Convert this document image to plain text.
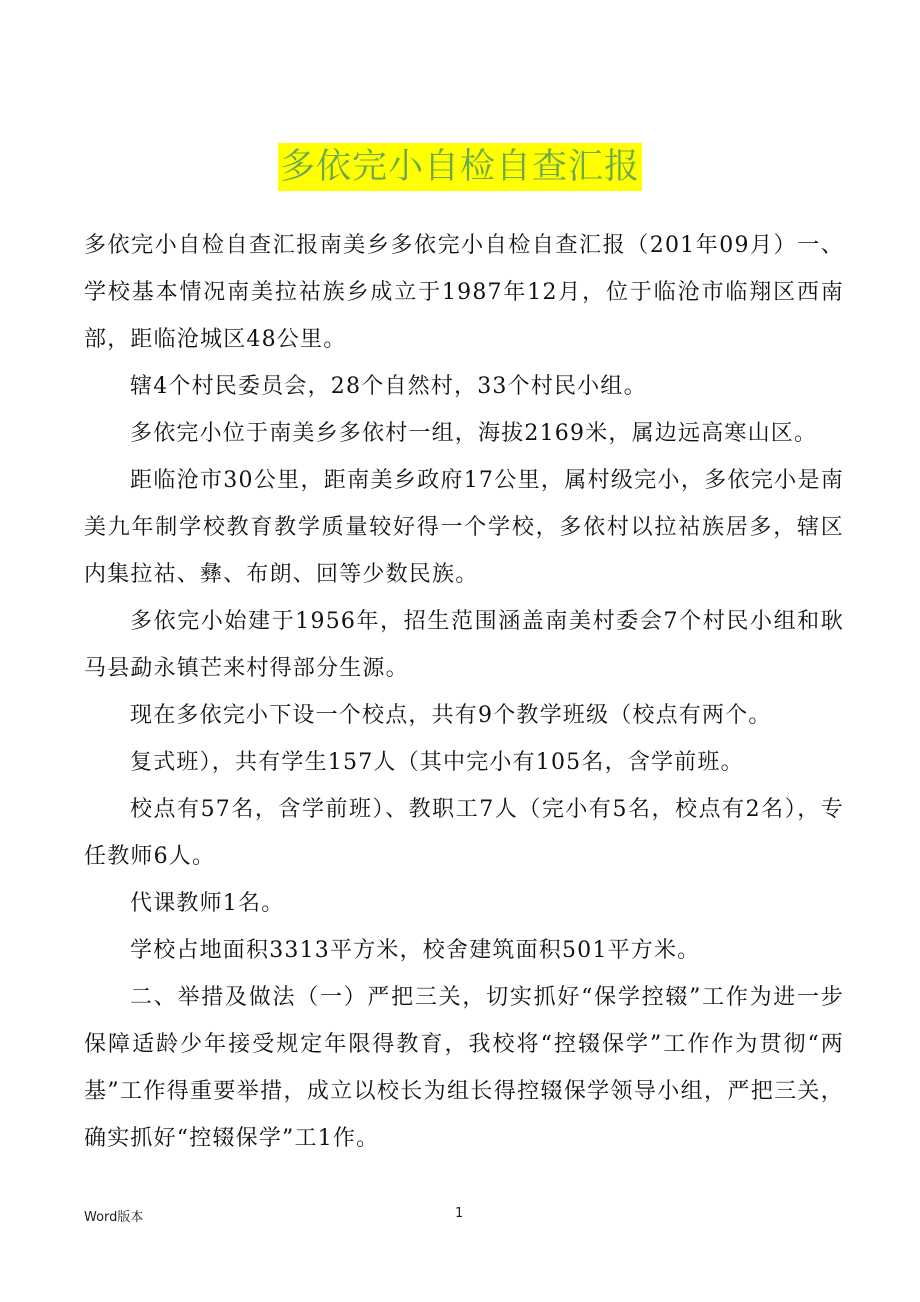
多依完小自检自查汇报

多依完小自检自查汇报南美乡多依完小自检自查汇报（201年09月）一、学校基本情况南美拉祜族乡成立于1987年12月，位于临沧市临翔区西南部，距临沧城区48公里。

辖4个村民委员会，28个自然村，33个村民小组。

多依完小位于南美乡多依村一组，海拔2169米，属边远高寒山区。

距临沧市30公里，距南美乡政府17公里，属村级完小，多依完小是南美九年制学校教育教学质量较好得一个学校，多依村以拉祜族居多，辖区内集拉祜、彝、布朗、回等少数民族。

多依完小始建于1956年，招生范围涵盖南美村委会7个村民小组和耿马县勐永镇芒来村得部分生源。

现在多依完小下设一个校点，共有9个教学班级（校点有两个。

复式班），共有学生157人（其中完小有105名，含学前班。

校点有57名，含学前班）、教职工7人（完小有5名，校点有2名），专任教师6人。

代课教师1名。

学校占地面积3313平方米，校舍建筑面积501平方米。

二、举措及做法（一）严把三关，切实抓好“保学控辍”工作为进一步保障适龄少年接受规定年限得教育，我校将“控辍保学”工作作为贯彻“两基”工作得重要举措，成立以校长为组长得控辍保学领导小组，严把三关，确实抓好“控辍保学”工1作。

Word版本	1
